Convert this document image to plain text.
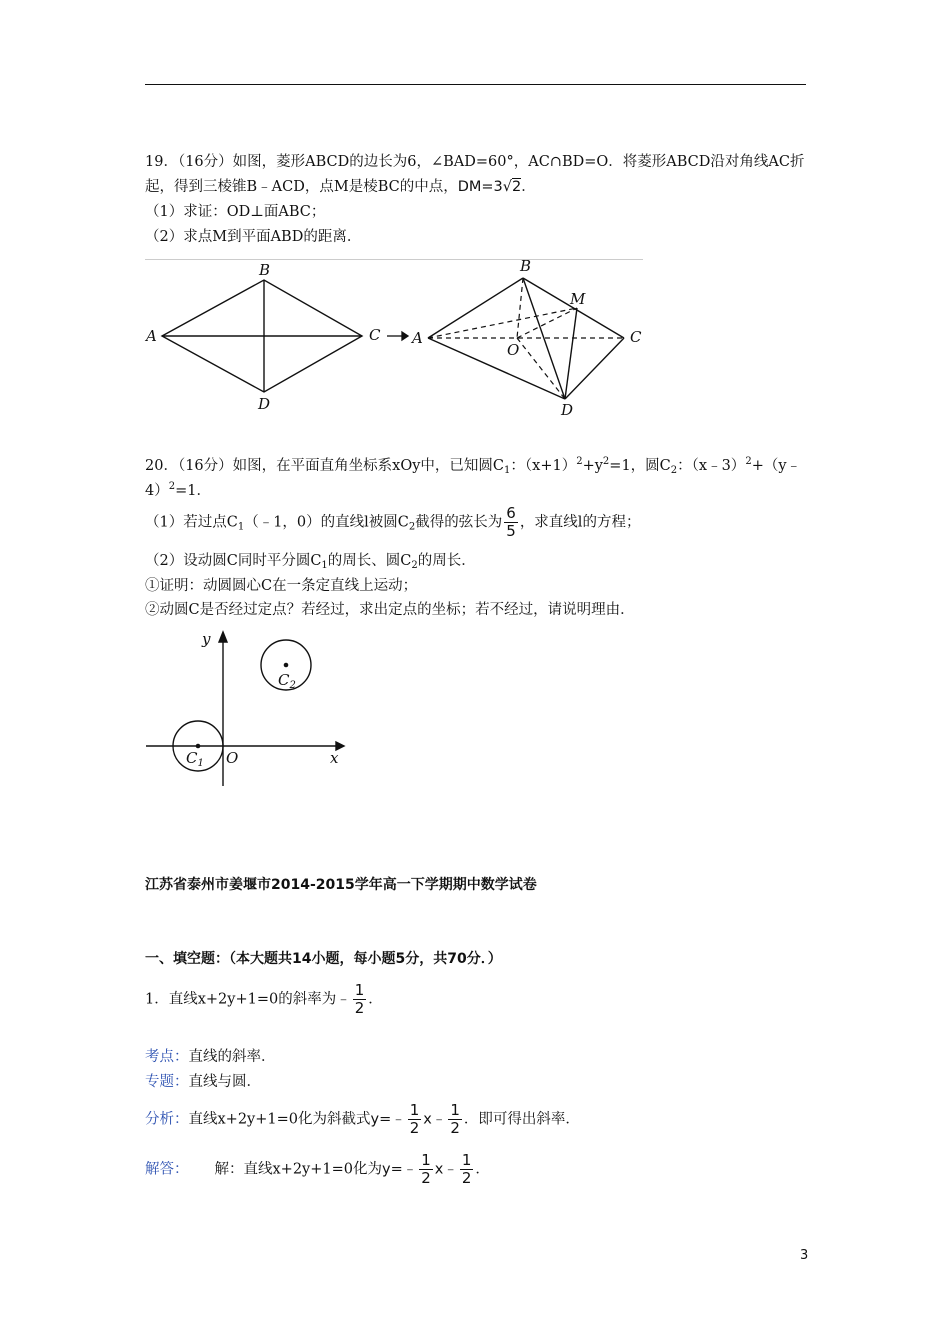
19．（16分）如图，菱形ABCD的边长为6，∠BAD=60°，AC∩BD=O．将菱形ABCD沿对角线AC折
起，得到三棱锥B﹣ACD，点M是棱BC的中点，DM=3√2．
（1）求证：OD⊥面ABC；
（2）求点M到平面ABD的距离．
A
B
C
D
A
B
C
D
M
O
20．（16分）如图，在平面直角坐标系xOy中，已知圆$C_1$：$(x+1)^2+y^2=1$，圆$C_2$：（x﹣3）$^2$+（y﹣
4）$^2$=1．
（1）若过点$C_1(﹣1$，0）的直线l被圆$C_2$截得的弦长为 $\frac{6}{5}$ ，求直线l的方程；
（2）设动圆C同时平分圆$C_1$的周长、圆$C_2$的周长．
①证明：动圆圆心C在一条定直线上运动；
②动圆C是否经过定点？若经过，求出定点的坐标；若不经过，请说明理由．
y
x
O
$C_1$
$C_2$
江苏省泰州市姜堰市2014-2015学年高一下学期期中数学试卷
一、填空题：（本大题共14小题，每小题5分，共70分．）
1．直线x+2y+1=0的斜率为﹣ $\frac{1}{2}$ ．
考点：直线的斜率．
专题：直线与圆．
分析：直线x+2y+1=0化为斜截式y=﹣ $\frac{1}{2}$ x﹣ $\frac{1}{2}$ ．即可得出斜率．
解答： 解：直线x+2y+1=0化为y=﹣ $\frac{1}{2}$ x﹣ $\frac{1}{2}$ ．
3
